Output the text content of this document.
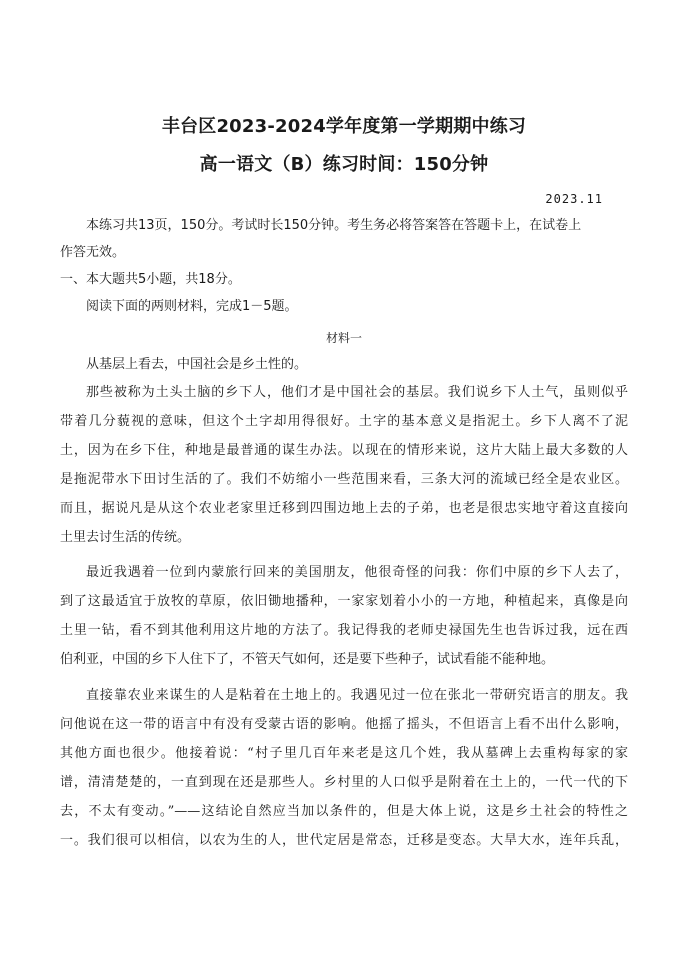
丰台区2023-2024学年度第一学期期中练习
高一语文（B）练习时间：150分钟
2023.11
本练习共13页，150分。考试时长150分钟。考生务必将答案答在答题卡上，在试卷上
作答无效。
一、本大题共5小题，共18分。
阅读下面的两则材料，完成1－5题。
材料一
从基层上看去，中国社会是乡土性的。
那些被称为土头土脑的乡下人，他们才是中国社会的基层。我们说乡下人土气，虽则似乎
带着几分藐视的意味，但这个土字却用得很好。土字的基本意义是指泥土。乡下人离不了泥
土，因为在乡下住，种地是最普通的谋生办法。以现在的情形来说，这片大陆上最大多数的人
是拖泥带水下田讨生活的了。我们不妨缩小一些范围来看，三条大河的流域已经全是农业区。
而且，据说凡是从这个农业老家里迁移到四围边地上去的子弟，也老是很忠实地守着这直接向
土里去讨生活的传统。
最近我遇着一位到内蒙旅行回来的美国朋友，他很奇怪的问我：你们中原的乡下人去了，
到了这最适宜于放牧的草原，依旧锄地播种，一家家划着小小的一方地，种植起来，真像是向
土里一钻，看不到其他利用这片地的方法了。我记得我的老师史禄国先生也告诉过我，远在西
伯利亚，中国的乡下人住下了，不管天气如何，还是要下些种子，试试看能不能种地。
直接靠农业来谋生的人是粘着在土地上的。我遇见过一位在张北一带研究语言的朋友。我
问他说在这一带的语言中有没有受蒙古语的影响。他摇了摇头，不但语言上看不出什么影响，
其他方面也很少。他接着说：“村子里几百年来老是这几个姓，我从墓碑上去重构每家的家
谱，清清楚楚的，一直到现在还是那些人。乡村里的人口似乎是附着在土上的，一代一代的下
去，不太有变动。”——这结论自然应当加以条件的，但是大体上说，这是乡土社会的特性之
一。我们很可以相信，以农为生的人，世代定居是常态，迁移是变态。大旱大水，连年兵乱，
